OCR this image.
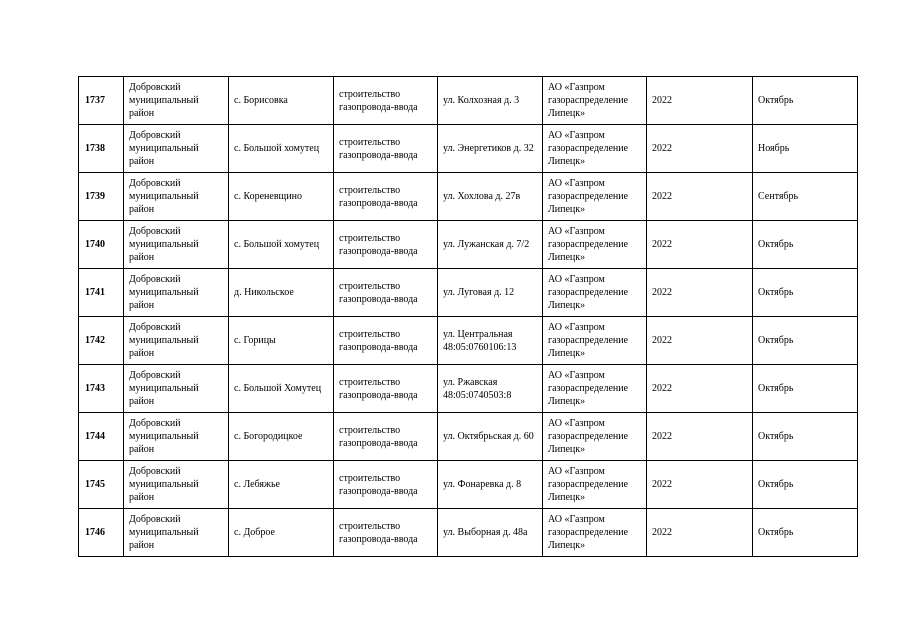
1737	Добровский муниципальный район	с. Борисовка	строительство газопровода-ввода	ул. Колхозная д. 3	АО «Газпром газораспределение Липецк»	2022	Октябрь
1738	Добровский муниципальный район	с. Большой хомутец	строительство газопровода-ввода	ул. Энергетиков д. 32	АО «Газпром газораспределение Липецк»	2022	Ноябрь
1739	Добровский муниципальный район	с. Кореневщино	строительство газопровода-ввода	ул. Хохлова д. 27в	АО «Газпром газораспределение Липецк»	2022	Сентябрь
1740	Добровский муниципальный район	с. Большой хомутец	строительство газопровода-ввода	ул. Лужанская д. 7/2	АО «Газпром газораспределение Липецк»	2022	Октябрь
1741	Добровский муниципальный район	д. Никольское	строительство газопровода-ввода	ул. Луговая д. 12	АО «Газпром газораспределение Липецк»	2022	Октябрь
1742	Добровский муниципальный район	с. Горицы	строительство газопровода-ввода	ул. Центральная 48:05:0760106:13	АО «Газпром газораспределение Липецк»	2022	Октябрь
1743	Добровский муниципальный район	с. Большой Хомутец	строительство газопровода-ввода	ул. Ржавская 48:05:0740503:8	АО «Газпром газораспределение Липецк»	2022	Октябрь
1744	Добровский муниципальный район	с. Богородицкое	строительство газопровода-ввода	ул. Октябрьская д. 60	АО «Газпром газораспределение Липецк»	2022	Октябрь
1745	Добровский муниципальный район	с. Лебяжье	строительство газопровода-ввода	ул. Фонаревка д. 8	АО «Газпром газораспределение Липецк»	2022	Октябрь
1746	Добровский муниципальный район	с. Доброе	строительство газопровода-ввода	ул. Выборная д. 48а	АО «Газпром газораспределение Липецк»	2022	Октябрь
